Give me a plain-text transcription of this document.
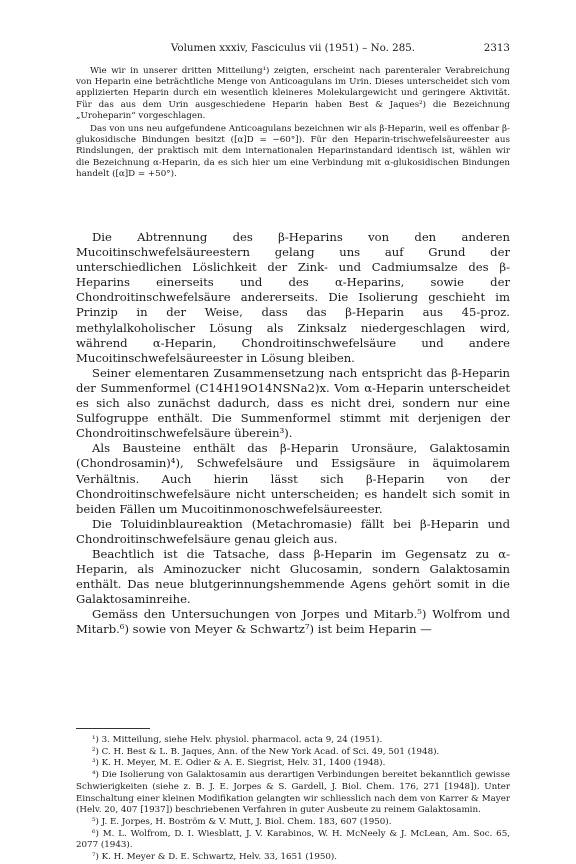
Volumen xxxiv, Fasciculus vii (1951) – No. 285.	2313

Wie wir in unserer dritten Mitteilung¹) zeigten, erscheint nach parenteraler Verabreichung von Heparin eine beträchtliche Menge von Anticoagulans im Urin. Dieses unterscheidet sich vom applizierten Heparin durch ein wesentlich kleineres Molekulargewicht und geringere Aktivität. Für das aus dem Urin ausgeschiedene Heparin haben Best & Jaques²) die Bezeichnung „Uroheparin“ vorgeschlagen.

Das von uns neu aufgefundene Anticoagulans bezeichnen wir als β-Heparin, weil es offenbar β-glukosidische Bindungen besitzt ([α]D = −60°]). Für den Heparin-trischwefelsäureester aus Rindslungen, der praktisch mit dem internationalen Heparinstandard identisch ist, wählen wir die Bezeichnung α-Heparin, da es sich hier um eine Verbindung mit α-glukosidischen Bindungen handelt ([α]D = +50°).

Die Abtrennung des β-Heparins von den anderen Mucoitinschwefelsäureestern gelang uns auf Grund der unterschiedlichen Löslichkeit der Zink- und Cadmiumsalze des β-Heparins einerseits und des α-Heparins, sowie der Chondroitinschwefelsäure andererseits. Die Isolierung geschieht im Prinzip in der Weise, dass das β-Heparin aus 45-proz. methylalkoholischer Lösung als Zinksalz niedergeschlagen wird, während α-Heparin, Chondroitinschwefelsäure und andere Mucoitinschwefelsäureester in Lösung bleiben.

Seiner elementaren Zusammensetzung nach entspricht das β-Heparin der Summenformel (C14H19O14NSNa2)x. Vom α-Heparin unterscheidet es sich also zunächst dadurch, dass es nicht drei, sondern nur eine Sulfogruppe enthält. Die Summenformel stimmt mit derjenigen der Chondroitinschwefelsäure überein³).

Als Bausteine enthält das β-Heparin Uronsäure, Galaktosamin (Chondrosamin)⁴), Schwefelsäure und Essigsäure in äquimolarem Verhältnis. Auch hierin lässt sich β-Heparin von der Chondroitinschwefelsäure nicht unterscheiden; es handelt sich somit in beiden Fällen um Mucoitinmonoschwefelsäureester.

Die Toluidinblaureaktion (Metachromasie) fällt bei β-Heparin und Chondroitinschwefelsäure genau gleich aus.

Beachtlich ist die Tatsache, dass β-Heparin im Gegensatz zu α-Heparin, als Aminozucker nicht Glucosamin, sondern Galaktosamin enthält. Das neue blutgerinnungshemmende Agens gehört somit in die Galaktosaminreihe.

Gemäss den Untersuchungen von Jorpes und Mitarb.⁵) Wolfrom und Mitarb.⁶) sowie von Meyer & Schwartz⁷) ist beim Heparin —

¹) 3. Mitteilung, siehe Helv. physiol. pharmacol. acta 9, 24 (1951).

²) C. H. Best & L. B. Jaques, Ann. of the New York Acad. of Sci. 49, 501 (1948).

³) K. H. Meyer, M. E. Odier & A. E. Siegrist, Helv. 31, 1400 (1948).

⁴) Die Isolierung von Galaktosamin aus derartigen Verbindungen bereitet bekanntlich gewisse Schwierigkeiten (siehe z. B. J. E. Jorpes & S. Gardell, J. Biol. Chem. 176, 271 [1948]). Unter Einschaltung einer kleinen Modifikation gelangten wir schliesslich nach dem von Karrer & Mayer (Helv. 20, 407 [1937]) beschriebenen Verfahren in guter Ausbeute zu reinem Galaktosamin.

⁵) J. E. Jorpes, H. Boström & V. Mutt, J. Biol. Chem. 183, 607 (1950).

⁶) M. L. Wolfrom, D. I. Wiesblatt, J. V. Karabinos, W. H. McNeely & J. McLean, Am. Soc. 65, 2077 (1943).

⁷) K. H. Meyer & D. E. Schwartz, Helv. 33, 1651 (1950).
